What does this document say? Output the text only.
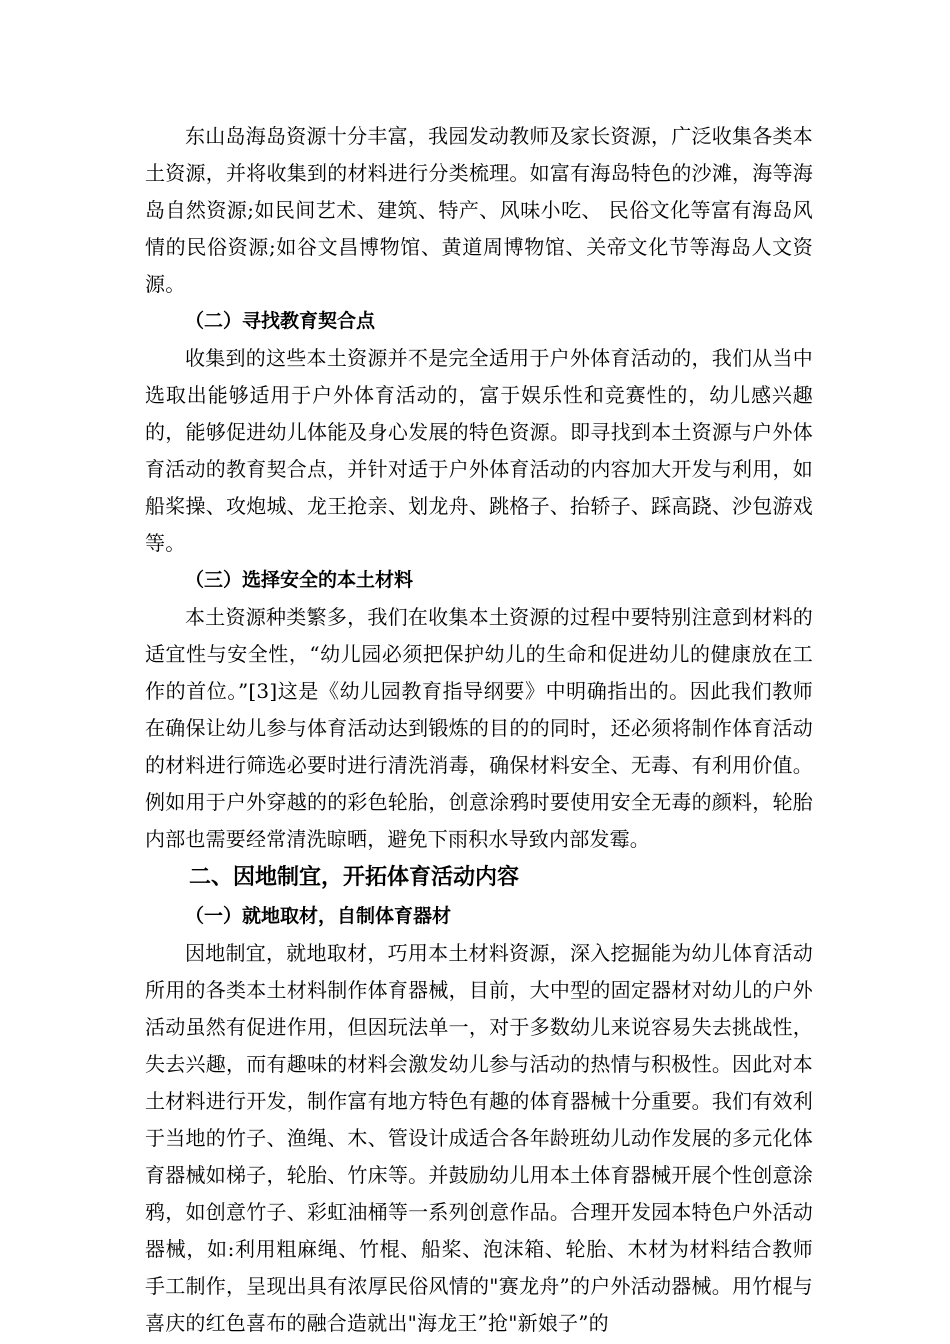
东山岛海岛资源十分丰富，我园发动教师及家长资源，广泛收集各类本土资源，并将收集到的材料进行分类梳理。如富有海岛特色的沙滩，海等海岛自然资源;如民间艺术、建筑、特产、风味小吃、 民俗文化等富有海岛风情的民俗资源;如谷文昌博物馆、黄道周博物馆、关帝文化节等海岛人文资源。

（二）寻找教育契合点

收集到的这些本土资源并不是完全适用于户外体育活动的，我们从当中选取出能够适用于户外体育活动的，富于娱乐性和竞赛性的，幼儿感兴趣的，能够促进幼儿体能及身心发展的特色资源。即寻找到本土资源与户外体育活动的教育契合点，并针对适于户外体育活动的内容加大开发与利用，如船桨操、攻炮城、龙王抢亲、划龙舟、跳格子、抬轿子、踩高跷、沙包游戏等。

（三）选择安全的本土材料

本土资源种类繁多，我们在收集本土资源的过程中要特别注意到材料的适宜性与安全性，“幼儿园必须把保护幼儿的生命和促进幼儿的健康放在工作的首位。”[3]这是《幼儿园教育指导纲要》中明确指出的。因此我们教师在确保让幼儿参与体育活动达到锻炼的目的的同时，还必须将制作体育活动的材料进行筛选必要时进行清洗消毒，确保材料安全、无毒、有利用价值。例如用于户外穿越的的彩色轮胎，创意涂鸦时要使用安全无毒的颜料，轮胎内部也需要经常清洗晾晒，避免下雨积水导致内部发霉。

二、因地制宜，开拓体育活动内容

（一）就地取材，自制体育器材

因地制宜，就地取材，巧用本土材料资源，深入挖掘能为幼儿体育活动所用的各类本土材料制作体育器械，目前，大中型的固定器材对幼儿的户外活动虽然有促进作用，但因玩法单一，对于多数幼儿来说容易失去挑战性，失去兴趣，而有趣味的材料会激发幼儿参与活动的热情与积极性。因此对本土材料进行开发，制作富有地方特色有趣的体育器械十分重要。我们有效利于当地的竹子、渔绳、木、管设计成适合各年龄班幼儿动作发展的多元化体育器械如梯子，轮胎、竹床等。并鼓励幼儿用本土体育器械开展个性创意涂鸦，如创意竹子、彩虹油桶等一系列创意作品。合理开发园本特色户外活动器械，如:利用粗麻绳、竹棍、船桨、泡沫箱、轮胎、木材为材料结合教师手工制作，呈现出具有浓厚民俗风情的"赛龙舟”的户外活动器械。用竹棍与喜庆的红色喜布的融合造就出"海龙王”抢"新娘子”的
